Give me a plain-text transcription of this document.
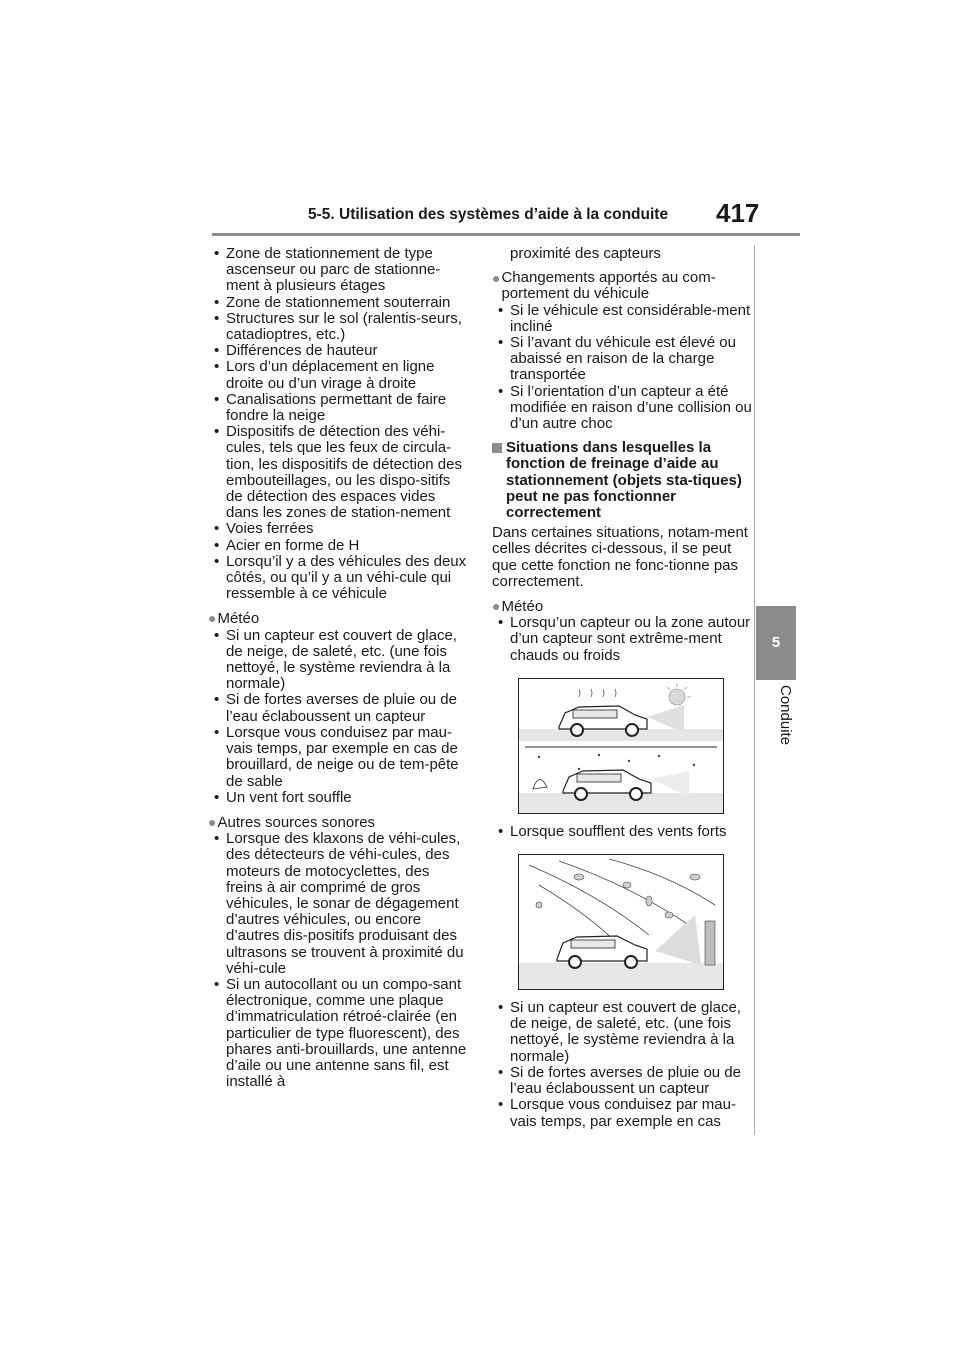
5-5. Utilisation des systèmes d’aide à la conduite 417
5
Conduite
• Zone de stationnement de type ascenseur ou parc de stationne-ment à plusieurs étages
• Zone de stationnement souterrain
• Structures sur le sol (ralentis-seurs, catadioptres, etc.)
• Différences de hauteur
• Lors d’un déplacement en ligne droite ou d’un virage à droite
• Canalisations permettant de faire fondre la neige
• Dispositifs de détection des véhi-cules, tels que les feux de circula-tion, les dispositifs de détection des embouteillages, ou les dispo-sitifs de détection des espaces vides dans les zones de station-nement
• Voies ferrées
• Acier en forme de H
• Lorsqu’il y a des véhicules des deux côtés, ou qu’il y a un véhi-cule qui ressemble à ce véhicule
●Météo
• Si un capteur est couvert de glace, de neige, de saleté, etc. (une fois nettoyé, le système reviendra à la normale)
• Si de fortes averses de pluie ou de l’eau éclaboussent un capteur
• Lorsque vous conduisez par mau-vais temps, par exemple en cas de brouillard, de neige ou de tem-pête de sable
• Un vent fort souffle
●Autres sources sonores
• Lorsque des klaxons de véhi-cules, des détecteurs de véhi-cules, des moteurs de motocyclettes, des freins à air comprimé de gros véhicules, le sonar de dégagement d’autres véhicules, ou encore d’autres dis-positifs produisant des ultrasons se trouvent à proximité du véhi-cule
• Si un autocollant ou un compo-sant électronique, comme une plaque d’immatriculation rétroé-clairée (en particulier de type fluorescent), des phares anti-brouillards, une antenne d’aile ou une antenne sans fil, est installé à
proximité des capteurs
● Changements apportés au com-portement du véhicule
• Si le véhicule est considérable-ment incliné
• Si l’avant du véhicule est élevé ou abaissé en raison de la charge transportée
• Si l’orientation d’un capteur a été modifiée en raison d’une collision ou d’un autre choc
Situations dans lesquelles la fonction de freinage d’aide au stationnement (objets sta-tiques) peut ne pas fonctionner correctement
Dans certaines situations, notam-ment celles décrites ci-dessous, il se peut que cette fonction ne fonc-tionne pas correctement.
●Météo
• Lorsqu’un capteur ou la zone autour d’un capteur sont extrême-ment chauds ou froids
• Lorsque soufflent des vents forts
• Si un capteur est couvert de glace, de neige, de saleté, etc. (une fois nettoyé, le système reviendra à la normale)
• Si de fortes averses de pluie ou de l’eau éclaboussent un capteur
• Lorsque vous conduisez par mau-vais temps, par exemple en cas
